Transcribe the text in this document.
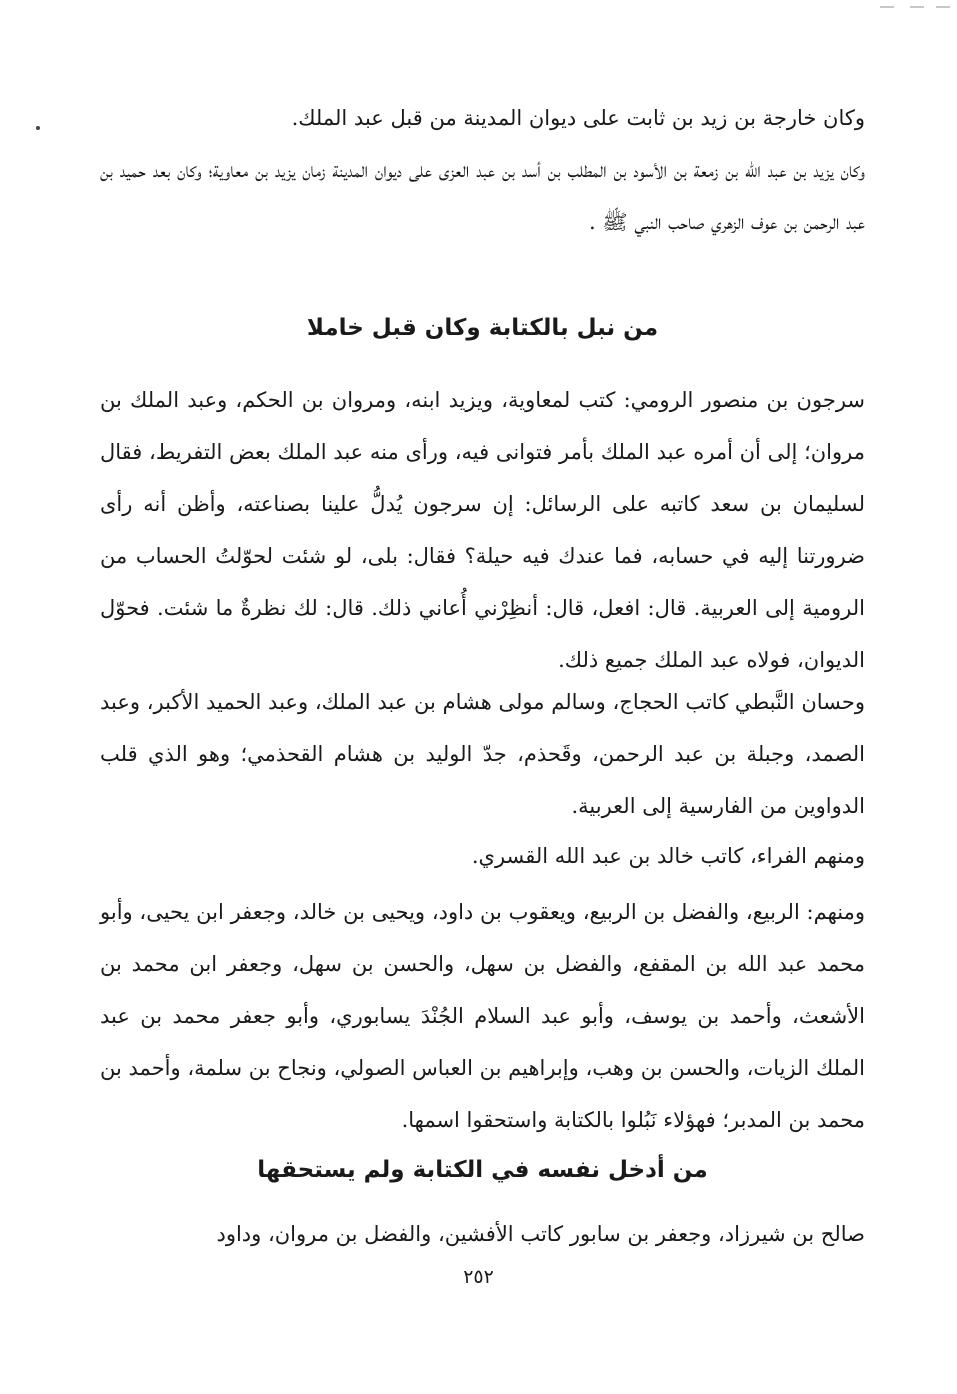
وكان خارجة بن زيد بن ثابت على ديوان المدينة من قبل عبد الملك.

وكان يزيد بن عبد الله بن زمعة بن الأسود بن المطلب بن أسد بن عبد العزى على ديوان المدينة زمان يزيد بن معاوية؛ وكان بعد حميد بن عبد الرحمن بن عوف الزهري صاحب النبي ﷺ .

من نبل بالكتابة وكان قبل خاملا

سرجون بن منصور الرومي: كتب لمعاوية، ويزيد ابنه، ومروان بن الحكم، وعبد الملك بن مروان؛ إلى أن أمره عبد الملك بأمر فتوانى فيه، ورأى منه عبد الملك بعض التفريط، فقال لسليمان بن سعد كاتبه على الرسائل: إن سرجون يُدلُّ علينا بصناعته، وأظن أنه رأى ضرورتنا إليه في حسابه، فما عندك فيه حيلة؟ فقال: بلى، لو شئت لحوّلتُ الحساب من الرومية إلى العربية. قال: افعل، قال: أنظِرْني أُعاني ذلك. قال: لك نظرةٌ ما شئت. فحوّل الديوان، فولاه عبد الملك جميع ذلك.

وحسان النَّبطي كاتب الحجاج، وسالم مولى هشام بن عبد الملك، وعبد الحميد الأكبر، وعبد الصمد، وجبلة بن عبد الرحمن، وقَحذم، جدّ الوليد بن هشام القحذمي؛ وهو الذي قلب الدواوين من الفارسية إلى العربية.

ومنهم الفراء، كاتب خالد بن عبد الله القسري.

ومنهم: الربيع، والفضل بن الربيع، ويعقوب بن داود، ويحيى بن خالد، وجعفر ابن يحيى، وأبو محمد عبد الله بن المقفع، والفضل بن سهل، والحسن بن سهل، وجعفر ابن محمد بن الأشعث، وأحمد بن يوسف، وأبو عبد السلام الجُنْدَ يسابوري، وأبو جعفر محمد بن عبد الملك الزيات، والحسن بن وهب، وإبراهيم بن العباس الصولي، ونجاح بن سلمة، وأحمد بن محمد بن المدبر؛ فهؤلاء نَبُلوا بالكتابة واستحقوا اسمها.

من أدخل نفسه في الكتابة ولم يستحقها

صالح بن شيرزاد، وجعفر بن سابور كاتب الأفشين، والفضل بن مروان، وداود

٢٥٢
